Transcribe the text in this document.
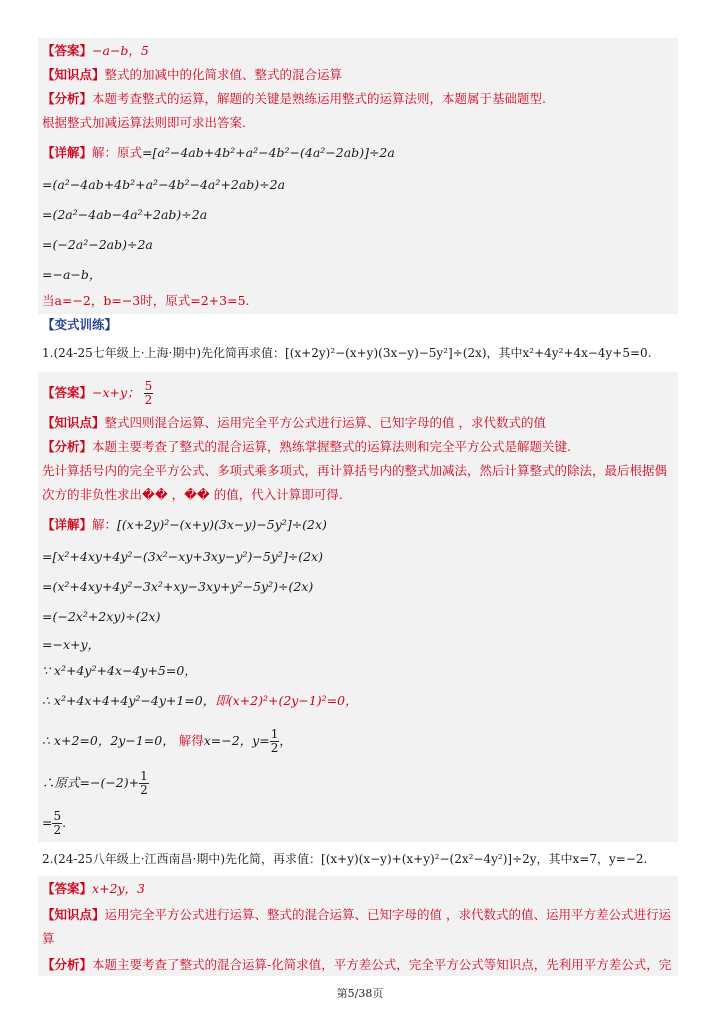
【答案】−a−b，5
【知识点】整式的加减中的化简求值、整式的混合运算
【分析】本题考查整式的运算，解题的关键是熟练运用整式的运算法则，本题属于基础题型.
根据整式加减运算法则即可求出答案.
【详解】解：原式=[a²−4ab+4b²+a²−4b²−(4a²−2ab)]÷2a
=(a²−4ab+4b²+a²−4b²−4a²+2ab)÷2a
=(2a²−4ab−4a²+2ab)÷2a
=(−2a²−2ab)÷2a
=−a−b，
当a=−2，b=−3时，原式=2+3=5.
【变式训练】
1.(24-25七年级上·上海·期中)先化简再求值：[(x+2y)²−(x+y)(3x−y)−5y²]÷(2x)，其中x²+4y²+4x−4y+5=0.
【答案】−x+y； $\frac{5}{2}$
【知识点】整式四则混合运算、运用完全平方公式进行运算、已知字母的值 ，求代数式的值
【分析】本题主要考查了整式的混合运算，熟练掌握整式的运算法则和完全平方公式是解题关键.
先计算括号内的完全平方公式、多项式乘多项式，再计算括号内的整式加减法，然后计算整式的除法，最后根据偶
次方的非负性求出�� ，�� 的值，代入计算即可得.
【详解】解：[(x+2y)²−(x+y)(3x−y)−5y²]÷(2x)
=[x²+4xy+4y²−(3x²−xy+3xy−y²)−5y²]÷(2x)
=(x²+4xy+4y²−3x²+xy−3xy+y²−5y²)÷(2x)
=(−2x²+2xy)÷(2x)
=−x+y，
∵ x²+4y²+4x−4y+5=0，
∴ x²+4x+4+4y²−4y+1=0，即(x+2)²+(2y−1)²=0，
∴ x+2=0，2y−1=0， 解得x=−2，$y= \frac{1}{2}$ ，
∴原式$=-(-2)+ \frac{1}{2}$
= $\frac{5}{2}$ .
2.(24-25八年级上·江西南昌·期中)先化简，再求值：[(x+y)(x−y)+(x+y)²−(2x²−4y²)]÷2y，其中x=7，y=−2.
【答案】x+2y，3
【知识点】运用完全平方公式进行运算、整式的混合运算、已知字母的值 ，求代数式的值、运用平方差公式进行运
算
【分析】本题主要考查了整式的混合运算-化简求值，平方差公式，完全平方公式等知识点，先利用平方差公式，完
第5/38页
